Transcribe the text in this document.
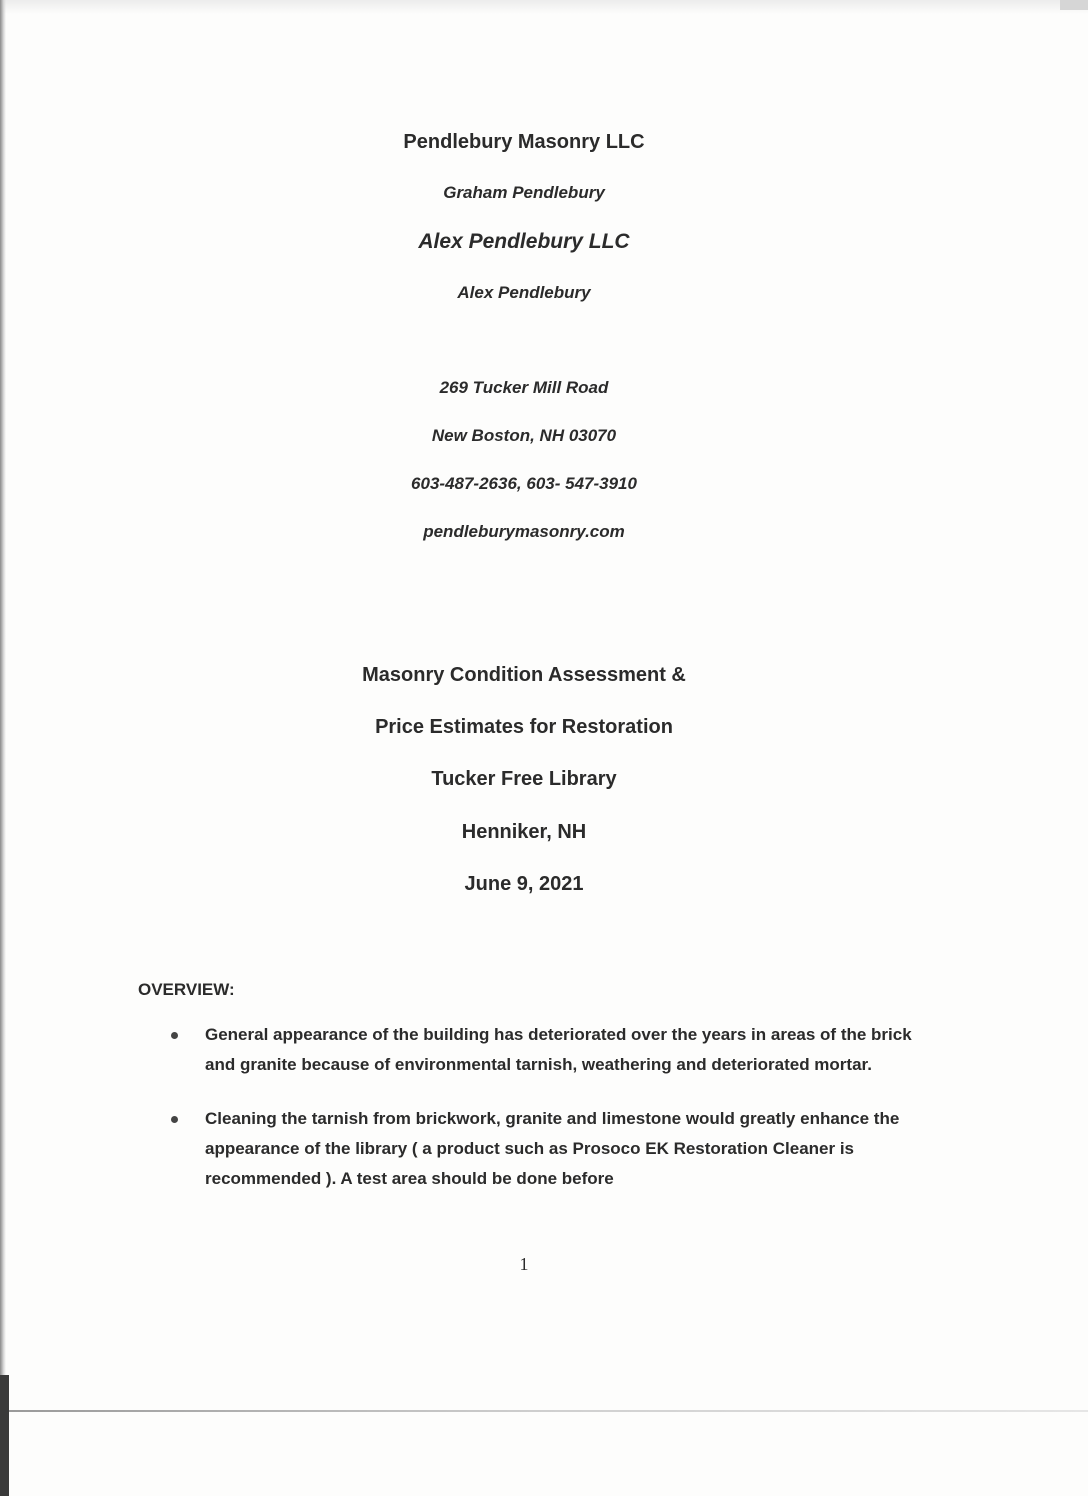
Pendlebury Masonry LLC
Graham Pendlebury
Alex Pendlebury LLC
Alex Pendlebury
269 Tucker Mill Road
New Boston, NH 03070
603-487-2636, 603- 547-3910
pendleburymasonry.com
Masonry Condition Assessment &
Price Estimates for Restoration
Tucker Free Library
Henniker, NH
June 9, 2021
OVERVIEW:
General appearance of the building has deteriorated over the years in areas of the brick and granite because of environmental tarnish, weathering and deteriorated mortar.
Cleaning the tarnish from brickwork, granite and limestone would greatly enhance the appearance of the library ( a product such as Prosoco EK Restoration Cleaner is recommended ). A test area should be done before
1
